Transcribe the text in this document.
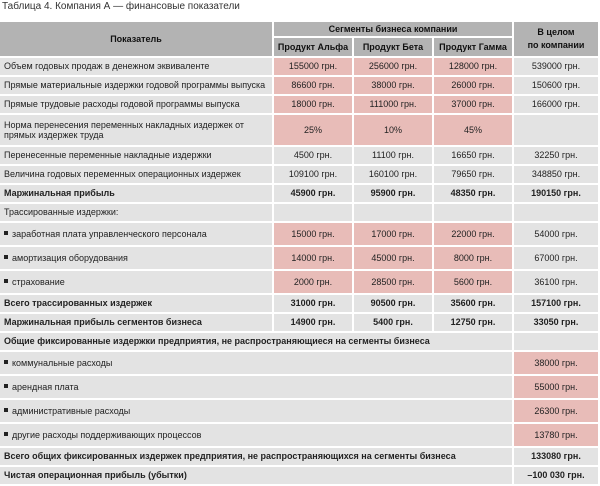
Таблица 4. Компания А — финансовые показатели
Показатель	Сегменты бизнеса компании			В целом
по компании
	Продукт Альфа	Продукт Бета	Продукт Гамма	
Объем годовых продаж в денежном эквиваленте	155000 грн.	256000 грн.	128000 грн.	539000 грн.
Прямые материальные издержки годовой программы выпуска	86600 грн.	38000 грн.	26000 грн.	150600 грн.
Прямые трудовые расходы годовой программы выпуска	18000 грн.	111000 грн.	37000 грн.	166000 грн.
Норма перенесения переменных накладных издержек от прямых издержек труда	25%	10%	45%	
Перенесенные переменные накладные издержки	4500 грн.	11100 грн.	16650 грн.	32250 грн.
Величина годовых переменных операционных издержек	109100 грн.	160100 грн.	79650 грн.	348850 грн.
Маржинальная прибыль	45900 грн.	95900 грн.	48350 грн.	190150 грн.
Трассированные издержки:				
заработная плата управленческого персонала	15000 грн.	17000 грн.	22000 грн.	54000 грн.
амортизация оборудования	14000 грн.	45000 грн.	8000 грн.	67000 грн.
страхование	2000 грн.	28500 грн.	5600 грн.	36100 грн.
Всего трассированных издержек	31000 грн.	90500 грн.	35600 грн.	157100 грн.
Маржинальная прибыль сегментов бизнеса	14900 грн.	5400 грн.	12750 грн.	33050 грн.
Общие фиксированные издержки предприятия, не распространяющиеся на сегменты бизнеса				
коммунальные расходы				38000 грн.
арендная плата				55000 грн.
административные расходы				26300 грн.
другие расходы поддерживающих процессов				13780 грн.
Всего общих фиксированных издержек предприятия, не распространяющихся на сегменты бизнеса				133080 грн.
Чистая операционная прибыль (убытки)				–100 030 грн.
